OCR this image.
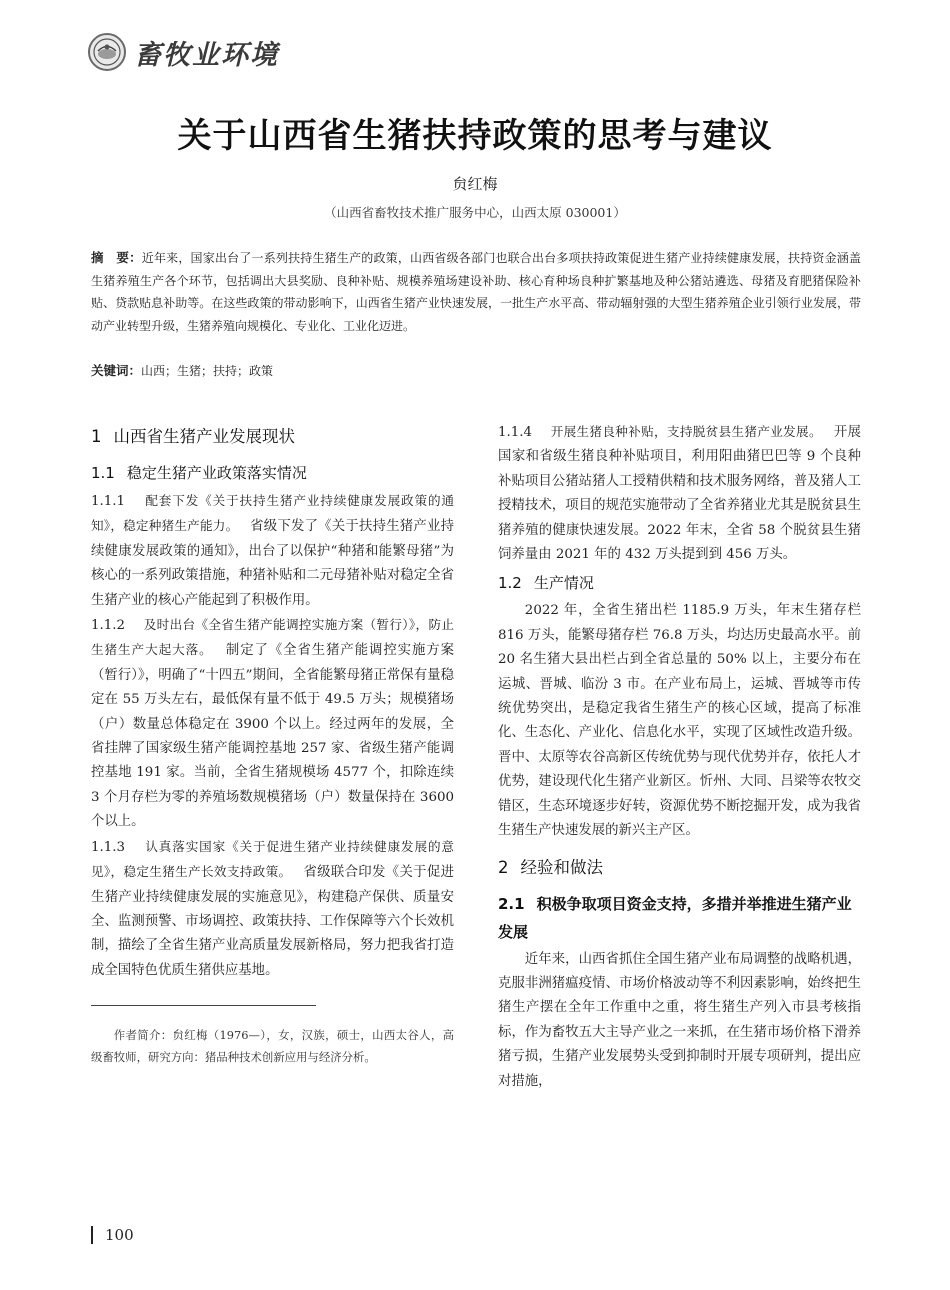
畜牧业环境
关于山西省生猪扶持政策的思考与建议
贠红梅
（山西省畜牧技术推广服务中心，山西太原 030001）
摘　要：近年来，国家出台了一系列扶持生猪生产的政策，山西省级各部门也联合出台多项扶持政策促进生猪产业持续健康发展，扶持资金涵盖生猪养殖生产各个环节，包括调出大县奖励、良种补贴、规模养殖场建设补助、核心育种场良种扩繁基地及种公猪站遴选、母猪及育肥猪保险补贴、贷款贴息补助等。在这些政策的带动影响下，山西省生猪产业快速发展，一批生产水平高、带动辐射强的大型生猪养殖企业引领行业发展，带动产业转型升级，生猪养殖向规模化、专业化、工业化迈进。
关键词：山西；生猪；扶持；政策
1 山西省生猪产业发展现状
1.1 稳定生猪产业政策落实情况

1.1.1　 配套下发《关于扶持生猪产业持续健康发展政策的通知》，稳定种猪生产能力。　 省级下发了《关于扶持生猪产业持续健康发展政策的通知》，出台了以保护“种猪和能繁母猪”为核心的一系列政策措施，种猪补贴和二元母猪补贴对稳定全省生猪产业的核心产能起到了积极作用。

1.1.2　 及时出台《全省生猪产能调控实施方案（暂行）》，防止生猪生产大起大落。　 制定了《全省生猪产能调控实施方案（暂行）》，明确了“十四五”期间，全省能繁母猪正常保有量稳定在 55 万头左右，最低保有量不低于 49.5 万头；规模猪场（户）数量总体稳定在 3900 个以上。经过两年的发展，全省挂牌了国家级生猪产能调控基地 257 家、省级生猪产能调控基地 191 家。当前，全省生猪规模场 4577 个，扣除连续 3 个月存栏为零的养殖场数规模猪场（户）数量保持在 3600 个以上。

1.1.3　 认真落实国家《关于促进生猪产业持续健康发展的意见》，稳定生猪生产长效支持政策。　 省级联合印发《关于促进生猪产业持续健康发展的实施意见》，构建稳产保供、质量安全、监测预警、市场调控、政策扶持、工作保障等六个长效机制，描绘了全省生猪产业高质量发展新格局，努力把我省打造成全国特色优质生猪供应基地。

作者简介：贠红梅（1976—），女，汉族，硕士，山西太谷人，高级畜牧师，研究方向：猪品种技术创新应用与经济分析。

1.1.4　 开展生猪良种补贴，支持脱贫县生猪产业发展。　 开展国家和省级生猪良种补贴项目，利用阳曲猪巴巴等 9 个良种补贴项目公猪站猪人工授精供精和技术服务网络，普及猪人工授精技术，项目的规范实施带动了全省养猪业尤其是脱贫县生猪养殖的健康快速发展。2022 年末，全省 58 个脱贫县生猪饲养量由 2021 年的 432 万头提到到 456 万头。

1.2 生产情况

2022 年，全省生猪出栏 1185.9 万头，年末生猪存栏 816 万头，能繁母猪存栏 76.8 万头，均达历史最高水平。前 20 名生猪大县出栏占到全省总量的 50% 以上，主要分布在运城、晋城、临汾 3 市。在产业布局上，运城、晋城等市传统优势突出，是稳定我省生猪生产的核心区域，提高了标准化、生态化、产业化、信息化水平，实现了区域性改造升级。晋中、太原等农谷高新区传统优势与现代优势并存，依托人才优势，建设现代化生猪产业新区。忻州、大同、吕梁等农牧交错区，生态环境逐步好转，资源优势不断挖掘开发，成为我省生猪生产快速发展的新兴主产区。

2 经验和做法
2.1 积极争取项目资金支持，多措并举推进生猪产业发展

近年来，山西省抓住全国生猪产业布局调整的战略机遇，克服非洲猪瘟疫情、市场价格波动等不利因素影响，始终把生猪生产摆在全年工作重中之重，将生猪生产列入市县考核指标，作为畜牧五大主导产业之一来抓，在生猪市场价格下滑养猪亏损，生猪产业发展势头受到抑制时开展专项研判，提出应对措施，

100
